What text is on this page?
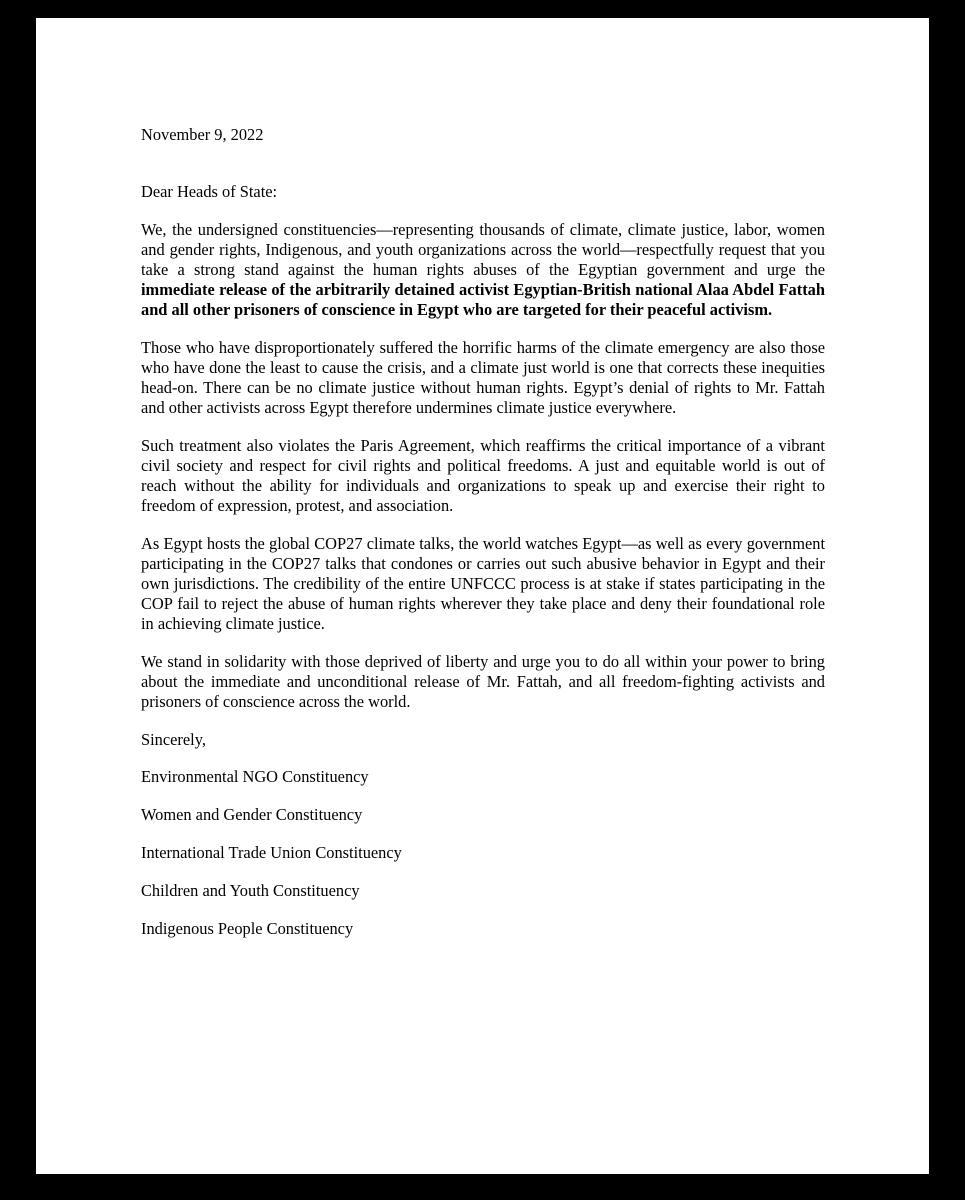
November 9, 2022

Dear Heads of State:

We, the undersigned constituencies—representing thousands of climate, climate justice, labor, women and gender rights, Indigenous, and youth organizations across the world—respectfully request that you take a strong stand against the human rights abuses of the Egyptian government and urge the immediate release of the arbitrarily detained activist Egyptian-British national Alaa Abdel Fattah and all other prisoners of conscience in Egypt who are targeted for their peaceful activism.

Those who have disproportionately suffered the horrific harms of the climate emergency are also those who have done the least to cause the crisis, and a climate just world is one that corrects these inequities head-on. There can be no climate justice without human rights. Egypt’s denial of rights to Mr. Fattah and other activists across Egypt therefore undermines climate justice everywhere.

Such treatment also violates the Paris Agreement, which reaffirms the critical importance of a vibrant civil society and respect for civil rights and political freedoms. A just and equitable world is out of reach without the ability for individuals and organizations to speak up and exercise their right to freedom of expression, protest, and association.

As Egypt hosts the global COP27 climate talks, the world watches Egypt—as well as every government participating in the COP27 talks that condones or carries out such abusive behavior in Egypt and their own jurisdictions. The credibility of the entire UNFCCC process is at stake if states participating in the COP fail to reject the abuse of human rights wherever they take place and deny their foundational role in achieving climate justice.

We stand in solidarity with those deprived of liberty and urge you to do all within your power to bring about the immediate and unconditional release of Mr. Fattah, and all freedom-fighting activists and prisoners of conscience across the world.

Sincerely,

Environmental NGO Constituency

Women and Gender Constituency

International Trade Union Constituency

Children and Youth Constituency

Indigenous People Constituency
